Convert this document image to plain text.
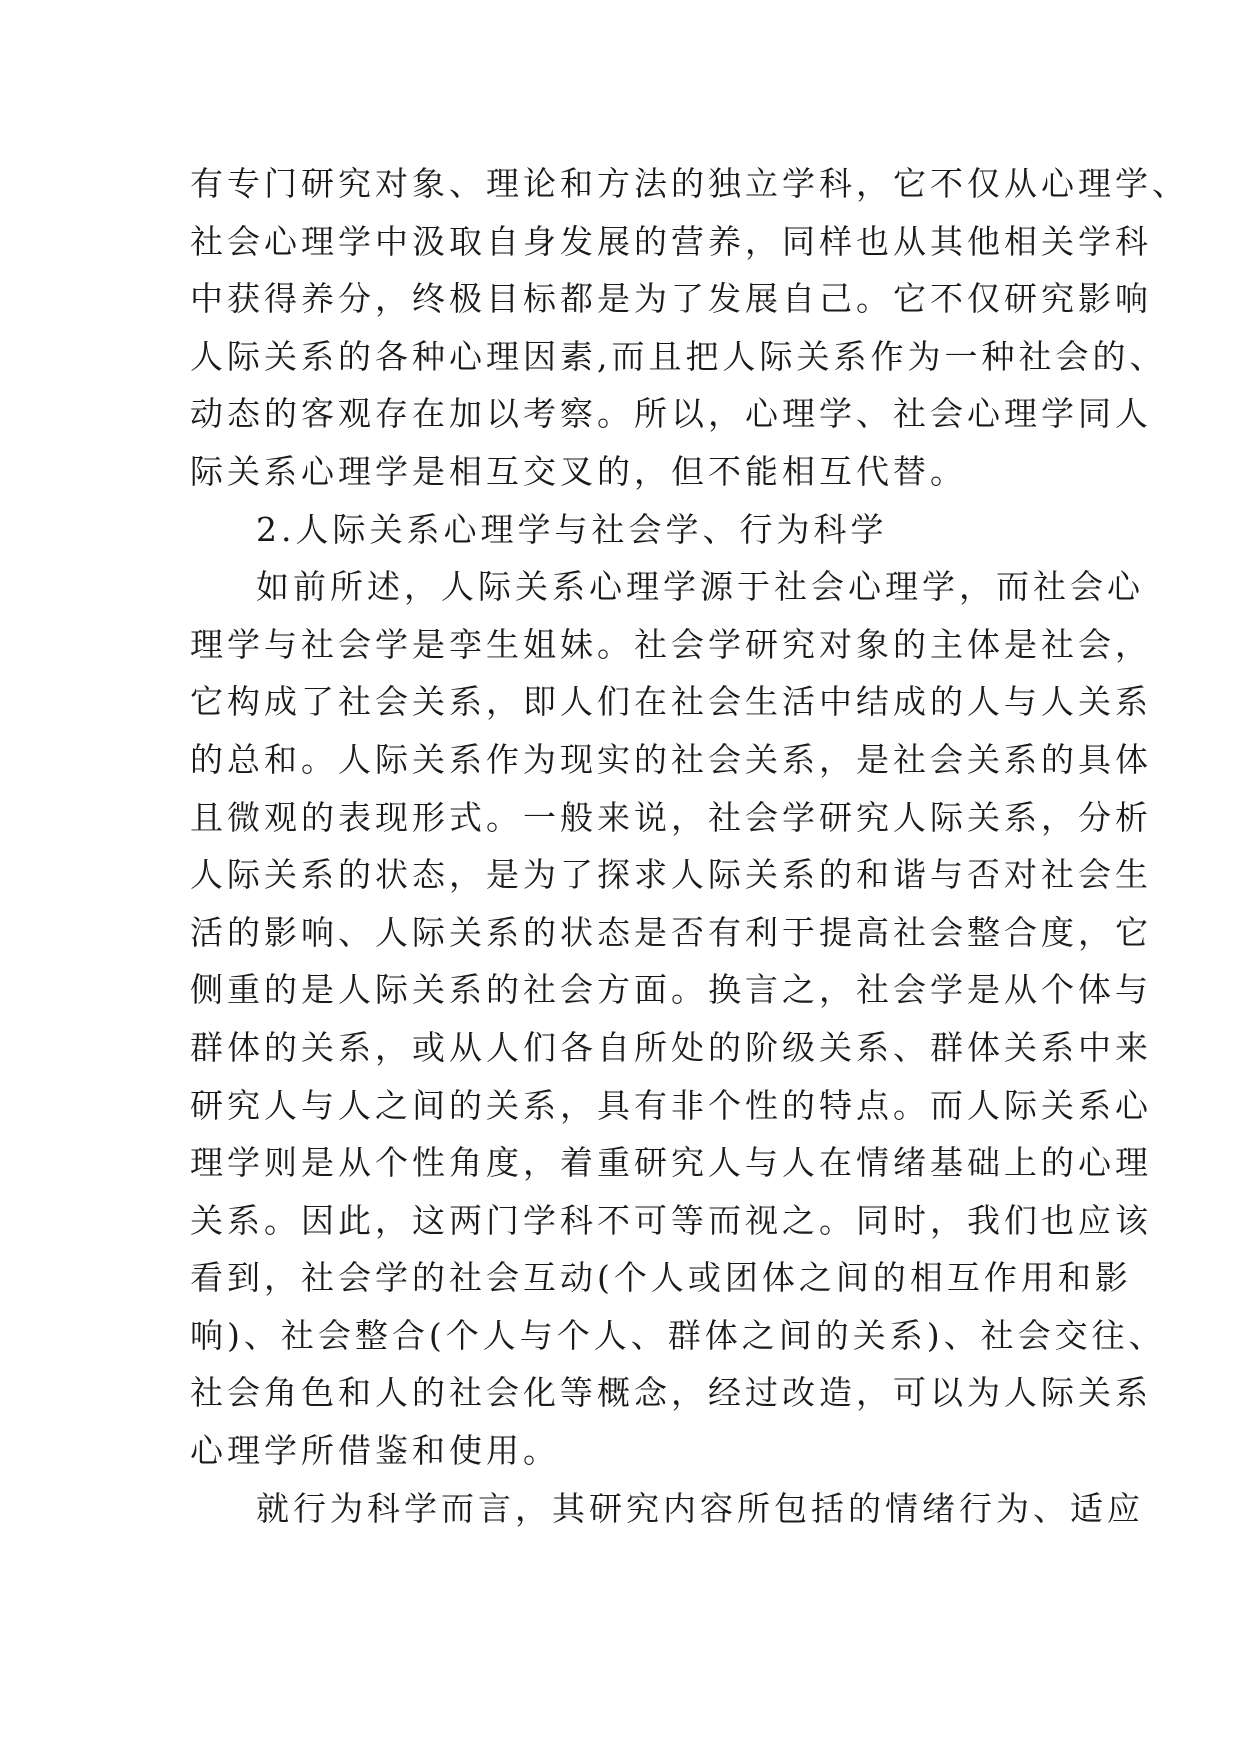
有专门研究对象、理论和方法的独立学科，它不仅从心理学、
社会心理学中汲取自身发展的营养，同样也从其他相关学科
中获得养分，终极目标都是为了发展自己。它不仅研究影响
人际关系的各种心理因素,而且把人际关系作为一种社会的、
动态的客观存在加以考察。所以，心理学、社会心理学同人
际关系心理学是相互交叉的，但不能相互代替。
2.人际关系心理学与社会学、行为科学
如前所述，人际关系心理学源于社会心理学，而社会心
理学与社会学是孪生姐妹。社会学研究对象的主体是社会，
它构成了社会关系，即人们在社会生活中结成的人与人关系
的总和。人际关系作为现实的社会关系，是社会关系的具体
且微观的表现形式。一般来说，社会学研究人际关系，分析
人际关系的状态，是为了探求人际关系的和谐与否对社会生
活的影响、人际关系的状态是否有利于提高社会整合度，它
侧重的是人际关系的社会方面。换言之，社会学是从个体与
群体的关系，或从人们各自所处的阶级关系、群体关系中来
研究人与人之间的关系，具有非个性的特点。而人际关系心
理学则是从个性角度，着重研究人与人在情绪基础上的心理
关系。因此，这两门学科不可等而视之。同时，我们也应该
看到，社会学的社会互动(个人或团体之间的相互作用和影
响)、社会整合(个人与个人、群体之间的关系)、社会交往、
社会角色和人的社会化等概念，经过改造，可以为人际关系
心理学所借鉴和使用。
就行为科学而言，其研究内容所包括的情绪行为、适应
